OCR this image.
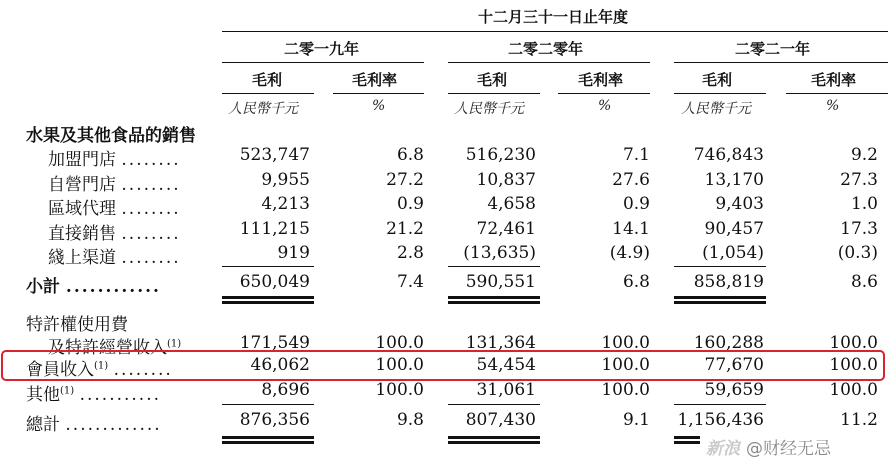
十二月三十一日止年度
二零一九年	二零二零年	二零二一年
毛利	毛利率	毛利	毛利率	毛利	毛利率
人民幣千元	%	人民幣千元	%	人民幣千元	%
水果及其他食品的銷售
加盟門店 ........	523,747	6.8 516,230	7.1	746,843	9.2
自營門店 ........	9,955	27.2	10,837	27.6	13,170	27.3
區域代理 ........	4,213	0.9	4,658	0.9	9,403	1.0
直接銷售 ........	111,215	21.2	72,461	14.1	90,457	17.3
綫上渠道 ........	919	2.8 (13,635)	(4.9)	(1,054)	(0.3)
小計 ............	650,049	7.4 590,551	6.8	858,819	8.6
特許權使用費
及特許經營收入$^{(1)}$	171,549	100.0 131,364	100.0	160,288	100.0
會員收入$^{(1)}$ ........	46,062	100.0	54,454	100.0	77,670	100.0
其他$^{(1)}$ ...........	8,696	100.0	31,061	100.0	59,659	100.0
總計 .............	876,356	9.8 807,430	9.1 1,156,436	11.2
新浪 @财经无忌
